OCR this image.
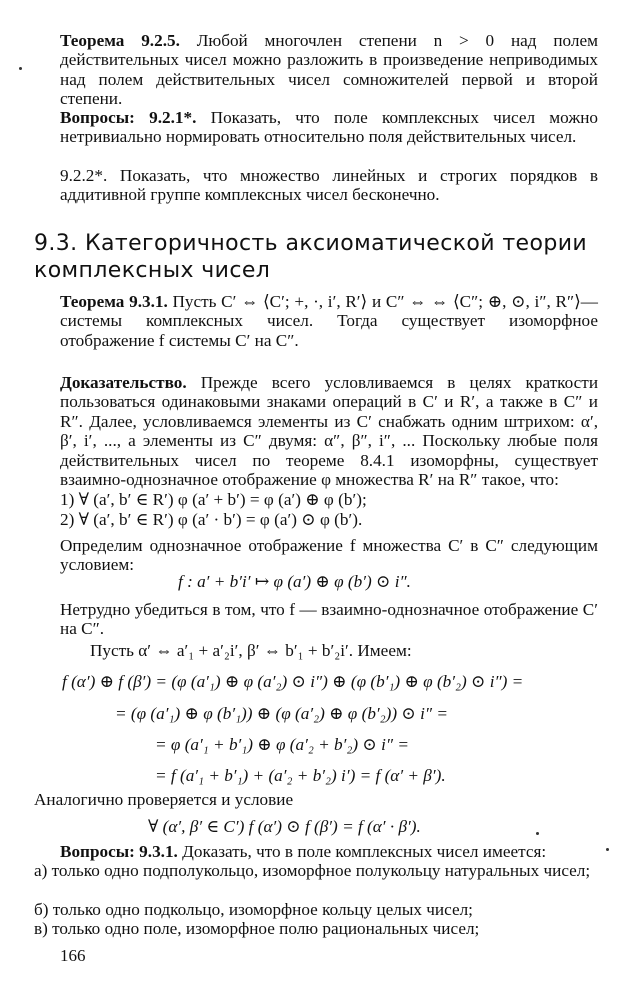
Теорема 9.2.5. Любой многочлен степени n > 0 над полем действительных чисел можно разложить в произведение неприводимых над полем действительных чисел сомножителей первой и второй степени.

Вопросы: 9.2.1*. Показать, что поле комплексных чисел можно нетривиально нормировать относительно поля действительных чисел.

9.2.2*. Показать, что множество линейных и строгих порядков в аддитивной группе комплексных чисел бесконечно.

9.3. Категоричность аксиоматической теории комплексных чисел

Теорема 9.3.1. Пусть C′ ⇔ ⟨C′; +, ·, i′, R′⟩ и C″ ⇔ ⇔ ⟨C″; ⊕, ⊙, i″, R″⟩—системы комплексных чисел. Тогда существует изоморфное отображение f системы C′ на C″.

Доказательство. Прежде всего условливаемся в целях краткости пользоваться одинаковыми знаками операций в C′ и R′, а также в C″ и R″. Далее, условливаемся элементы из C′ снабжать одним штрихом: α′, β′, i′, ..., а элементы из C″ двумя: α″, β″, i″, ... Поскольку любые поля действительных чисел по теореме 8.4.1 изоморфны, существует взаимно-однозначное отображение φ множества R′ на R″ такое, что:

1) ∀ (a′, b′ ∈ R′) φ (a′ + b′) = φ (a′) ⊕ φ (b′);

2) ∀ (a′, b′ ∈ R′) φ (a′ · b′) = φ (a′) ⊙ φ (b′).

Определим однозначное отображение f множества C′ в C″ следующим условием:

f : a′ + b′i′ ↦ φ (a′) ⊕ φ (b′) ⊙ i″.

Нетрудно убедиться в том, что f — взаимно-однозначное отображение C′ на C″.

Пусть α′ ⇔ a′₁ + a′₂i′, β′ ⇔ b′₁ + b′₂i′. Имеем:

f (α′) ⊕ f (β′) = (φ (a′₁) ⊕ φ (a′₂) ⊙ i″) ⊕ (φ (b′₁) ⊕ φ (b′₂) ⊙ i″) =

= (φ (a′₁) ⊕ φ (b′₁)) ⊕ (φ (a′₂) ⊕ φ (b′₂)) ⊙ i″ =

= φ (a′₁ + b′₁) ⊕ φ (a′₂ + b′₂) ⊙ i″ =

= f (a′₁ + b′₁) + (a′₂ + b′₂) i′) = f (α′ + β′).

Аналогично проверяется и условие

∀ (α′, β′ ∈ C′) f (α′) ⊙ f (β′) = f (α′ · β′).

Вопросы: 9.3.1. Доказать, что в поле комплексных чисел имеется:

а) только одно подполукольцо, изоморфное полукольцу натуральных чисел;

б) только одно подкольцо, изоморфное кольцу целых чисел;

в) только одно поле, изоморфное полю рациональных чисел;

166
